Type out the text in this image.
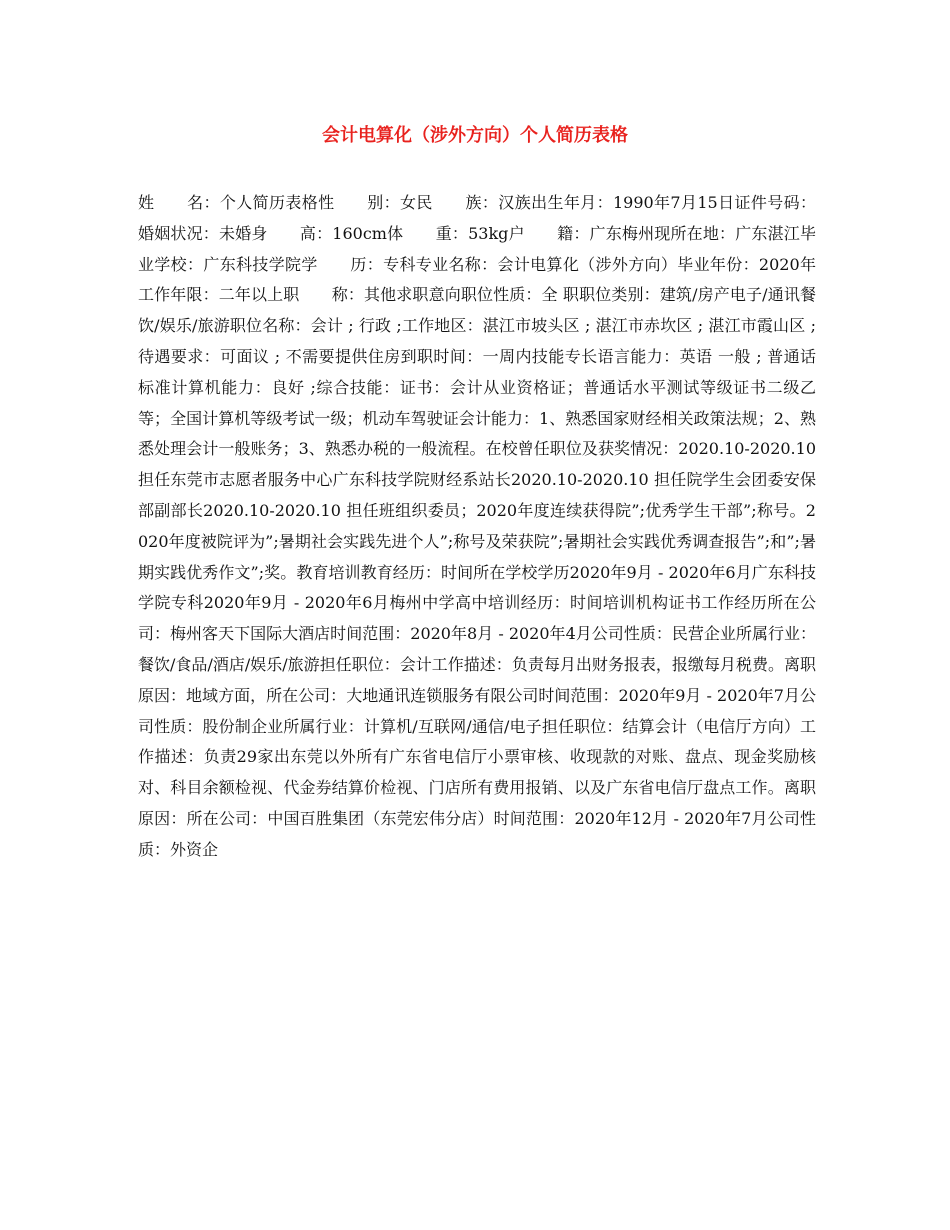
会计电算化（涉外方向）个人简历表格

姓　　名：个人简历表格性　　别：女民　　族：汉族出生年月：1990年7月15日证件号码：婚姻状况：未婚身　　高：160cm体　　重：53kg户　　籍：广东梅州现所在地：广东湛江毕业学校：广东科技学院学　　历：专科专业名称：会计电算化（涉外方向）毕业年份：2020年工作年限：二年以上职　　称：其他求职意向职位性质：全 职职位类别：建筑/房产电子/通讯餐饮/娱乐/旅游职位名称：会计 ; 行政 ;工作地区：湛江市坡头区 ; 湛江市赤坎区 ; 湛江市霞山区 ;待遇要求：可面议 ; 不需要提供住房到职时间：一周内技能专长语言能力：英语 一般 ; 普通话 标准计算机能力：良好 ;综合技能：证书：会计从业资格证；普通话水平测试等级证书二级乙等；全国计算机等级考试一级；机动车驾驶证会计能力：1、熟悉国家财经相关政策法规；2、熟悉处理会计一般账务；3、熟悉办税的一般流程。在校曾任职位及获奖情况：2020.10-2020.10 担任东莞市志愿者服务中心广东科技学院财经系站长2020.10-2020.10 担任院学生会团委安保部副部长2020.10-2020.10 担任班组织委员；2020年度连续获得院”;优秀学生干部”;称号。2020年度被院评为”;暑期社会实践先进个人”;称号及荣获院”;暑期社会实践优秀调查报告”;和”;暑期实践优秀作文”;奖。教育培训教育经历：时间所在学校学历2020年9月 - 2020年6月广东科技学院专科2020年9月 - 2020年6月梅州中学高中培训经历：时间培训机构证书工作经历所在公司：梅州客天下国际大酒店时间范围：2020年8月 - 2020年4月公司性质：民营企业所属行业：餐饮/食品/酒店/娱乐/旅游担任职位：会计工作描述：负责每月出财务报表，报缴每月税费。离职原因：地域方面，所在公司：大地通讯连锁服务有限公司时间范围：2020年9月 - 2020年7月公司性质：股份制企业所属行业：计算机/互联网/通信/电子担任职位：结算会计（电信厅方向）工作描述：负责29家出东莞以外所有广东省电信厅小票审核、收现款的对账、盘点、现金奖励核对、科目余额检视、代金券结算价检视、门店所有费用报销、以及广东省电信厅盘点工作。离职原因：所在公司：中国百胜集团（东莞宏伟分店）时间范围：2020年12月 - 2020年7月公司性质：外资企
